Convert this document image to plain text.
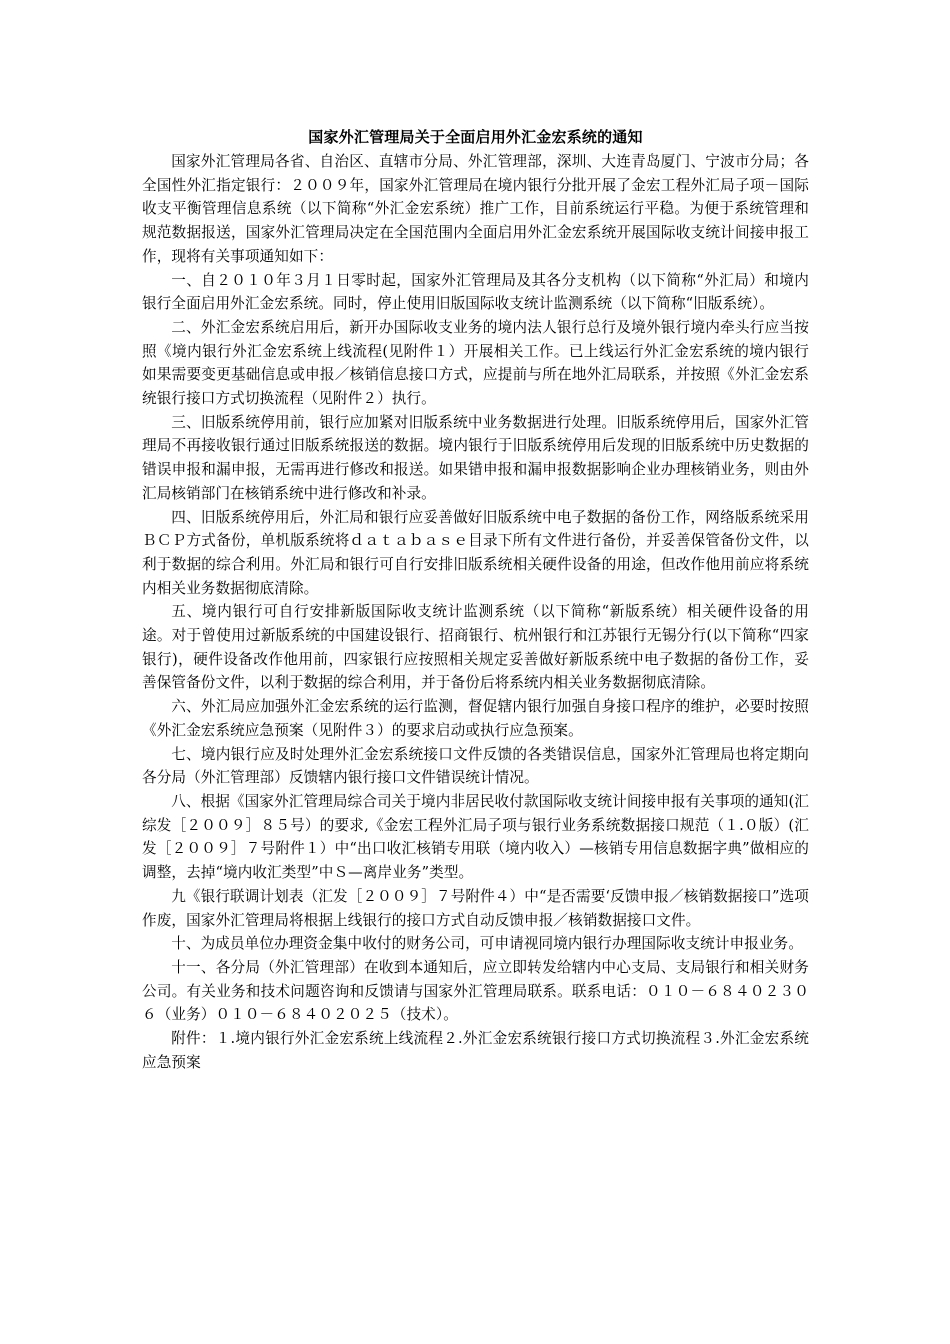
国家外汇管理局关于全面启用外汇金宏系统的通知

国家外汇管理局各省、自治区、直辖市分局、外汇管理部，深圳、大连青岛厦门、宁波市分局；各全国性外汇指定银行：２００９年，国家外汇管理局在境内银行分批开展了金宏工程外汇局子项－国际收支平衡管理信息系统（以下简称“外汇金宏系统）推广工作，目前系统运行平稳。为便于系统管理和规范数据报送，国家外汇管理局决定在全国范围内全面启用外汇金宏系统开展国际收支统计间接申报工作，现将有关事项通知如下：

一、自２０１０年３月１日零时起，国家外汇管理局及其各分支机构（以下简称“外汇局）和境内银行全面启用外汇金宏系统。同时，停止使用旧版国际收支统计监测系统（以下简称“旧版系统）。

二、外汇金宏系统启用后，新开办国际收支业务的境内法人银行总行及境外银行境内牵头行应当按照《境内银行外汇金宏系统上线流程(见附件１）开展相关工作。已上线运行外汇金宏系统的境内银行如果需要变更基础信息或申报／核销信息接口方式，应提前与所在地外汇局联系，并按照《外汇金宏系统银行接口方式切换流程（见附件２）执行。

三、旧版系统停用前，银行应加紧对旧版系统中业务数据进行处理。旧版系统停用后，国家外汇管理局不再接收银行通过旧版系统报送的数据。境内银行于旧版系统停用后发现的旧版系统中历史数据的错误申报和漏申报，无需再进行修改和报送。如果错申报和漏申报数据影响企业办理核销业务，则由外汇局核销部门在核销系统中进行修改和补录。

四、旧版系统停用后，外汇局和银行应妥善做好旧版系统中电子数据的备份工作，网络版系统采用ＢＣＰ方式备份，单机版系统将ｄａｔａｂａｓｅ目录下所有文件进行备份，并妥善保管备份文件，以利于数据的综合利用。外汇局和银行可自行安排旧版系统相关硬件设备的用途，但改作他用前应将系统内相关业务数据彻底清除。

五、境内银行可自行安排新版国际收支统计监测系统（以下简称“新版系统）相关硬件设备的用途。对于曾使用过新版系统的中国建设银行、招商银行、杭州银行和江苏银行无锡分行(以下简称“四家银行)，硬件设备改作他用前，四家银行应按照相关规定妥善做好新版系统中电子数据的备份工作，妥善保管备份文件，以利于数据的综合利用，并于备份后将系统内相关业务数据彻底清除。

六、外汇局应加强外汇金宏系统的运行监测，督促辖内银行加强自身接口程序的维护，必要时按照《外汇金宏系统应急预案（见附件３）的要求启动或执行应急预案。

七、境内银行应及时处理外汇金宏系统接口文件反馈的各类错误信息，国家外汇管理局也将定期向各分局（外汇管理部）反馈辖内银行接口文件错误统计情况。

八、根据《国家外汇管理局综合司关于境内非居民收付款国际收支统计间接申报有关事项的通知(汇综发［２００９］８５号）的要求,《金宏工程外汇局子项与银行业务系统数据接口规范（１.０版）(汇发［２００９］７号附件１）中“出口收汇核销专用联（境内收入）—核销专用信息数据字典”做相应的调整，去掉“境内收汇类型”中Ｓ—离岸业务”类型。

九《银行联调计划表（汇发［２００９］７号附件４）中“是否需要‘反馈申报／核销数据接口”选项作废，国家外汇管理局将根据上线银行的接口方式自动反馈申报／核销数据接口文件。

十、为成员单位办理资金集中收付的财务公司，可申请视同境内银行办理国际收支统计申报业务。

十一、各分局（外汇管理部）在收到本通知后，应立即转发给辖内中心支局、支局银行和相关财务公司。有关业务和技术问题咨询和反馈请与国家外汇管理局联系。联系电话：０１０－６８４０２３０６（业务）０１０－６８４０２０２５（技术）。

附件：１.境内银行外汇金宏系统上线流程２.外汇金宏系统银行接口方式切换流程３.外汇金宏系统应急预案
